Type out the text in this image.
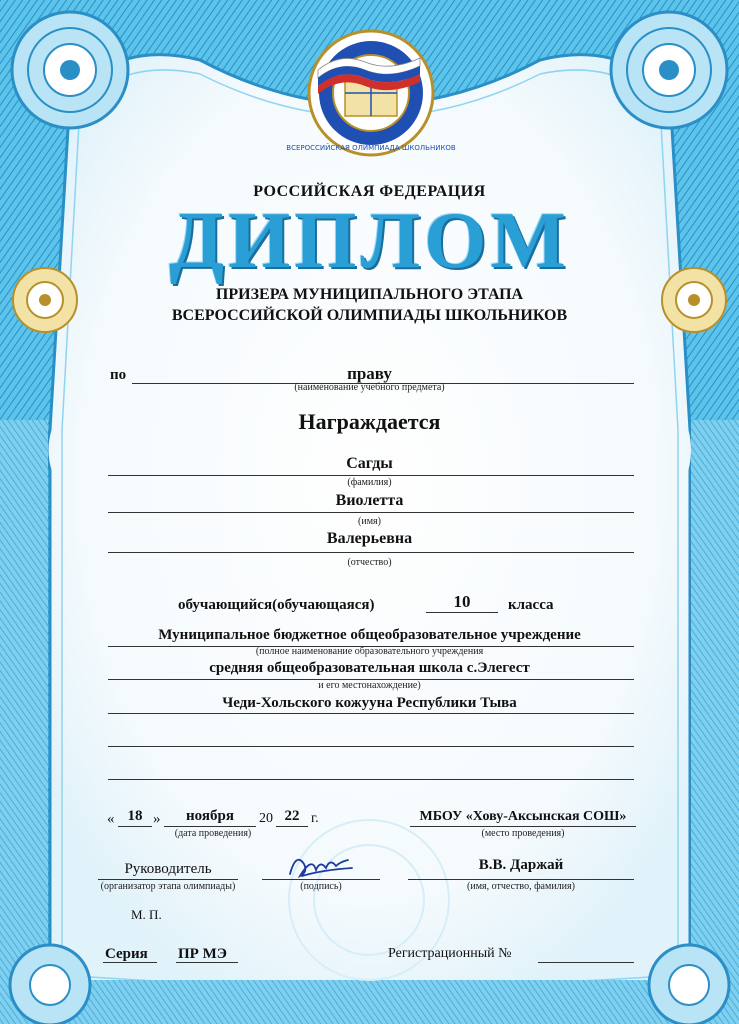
ВСЕРОССИЙСКАЯ ОЛИМПИАДА ШКОЛЬНИКОВ
РОССИЙСКАЯ ФЕДЕРАЦИЯ
ДИПЛОМ
ПРИЗЕРА МУНИЦИПАЛЬНОГО ЭТАПА
ВСЕРОССИЙСКОЙ ОЛИМПИАДЫ ШКОЛЬНИКОВ
по	праву
(наименование учебного предмета)
Награждается
Сагды
(фамилия)
Виолетта
(имя)
Валерьевна
(отчество)
обучающийся(обучающаяся)	10	класса
Муниципальное бюджетное общеобразовательное учреждение
(полное наименование образовательного учреждения
средняя общеобразовательная школа с.Элегест
и его местонахождение)
Чеди-Хольского кожууна Республики Тыва
« 18 »	ноября	20 22 г.
(дата проведения)
МБОУ «Хову-Аксынская СОШ»
(место проведения)
Руководитель
(организатор этапа олимпиады)	(подпись)
В.В. Даржай
(имя, отчество, фамилия)
М. П.
Серия ПР МЭ	Регистрационный №
